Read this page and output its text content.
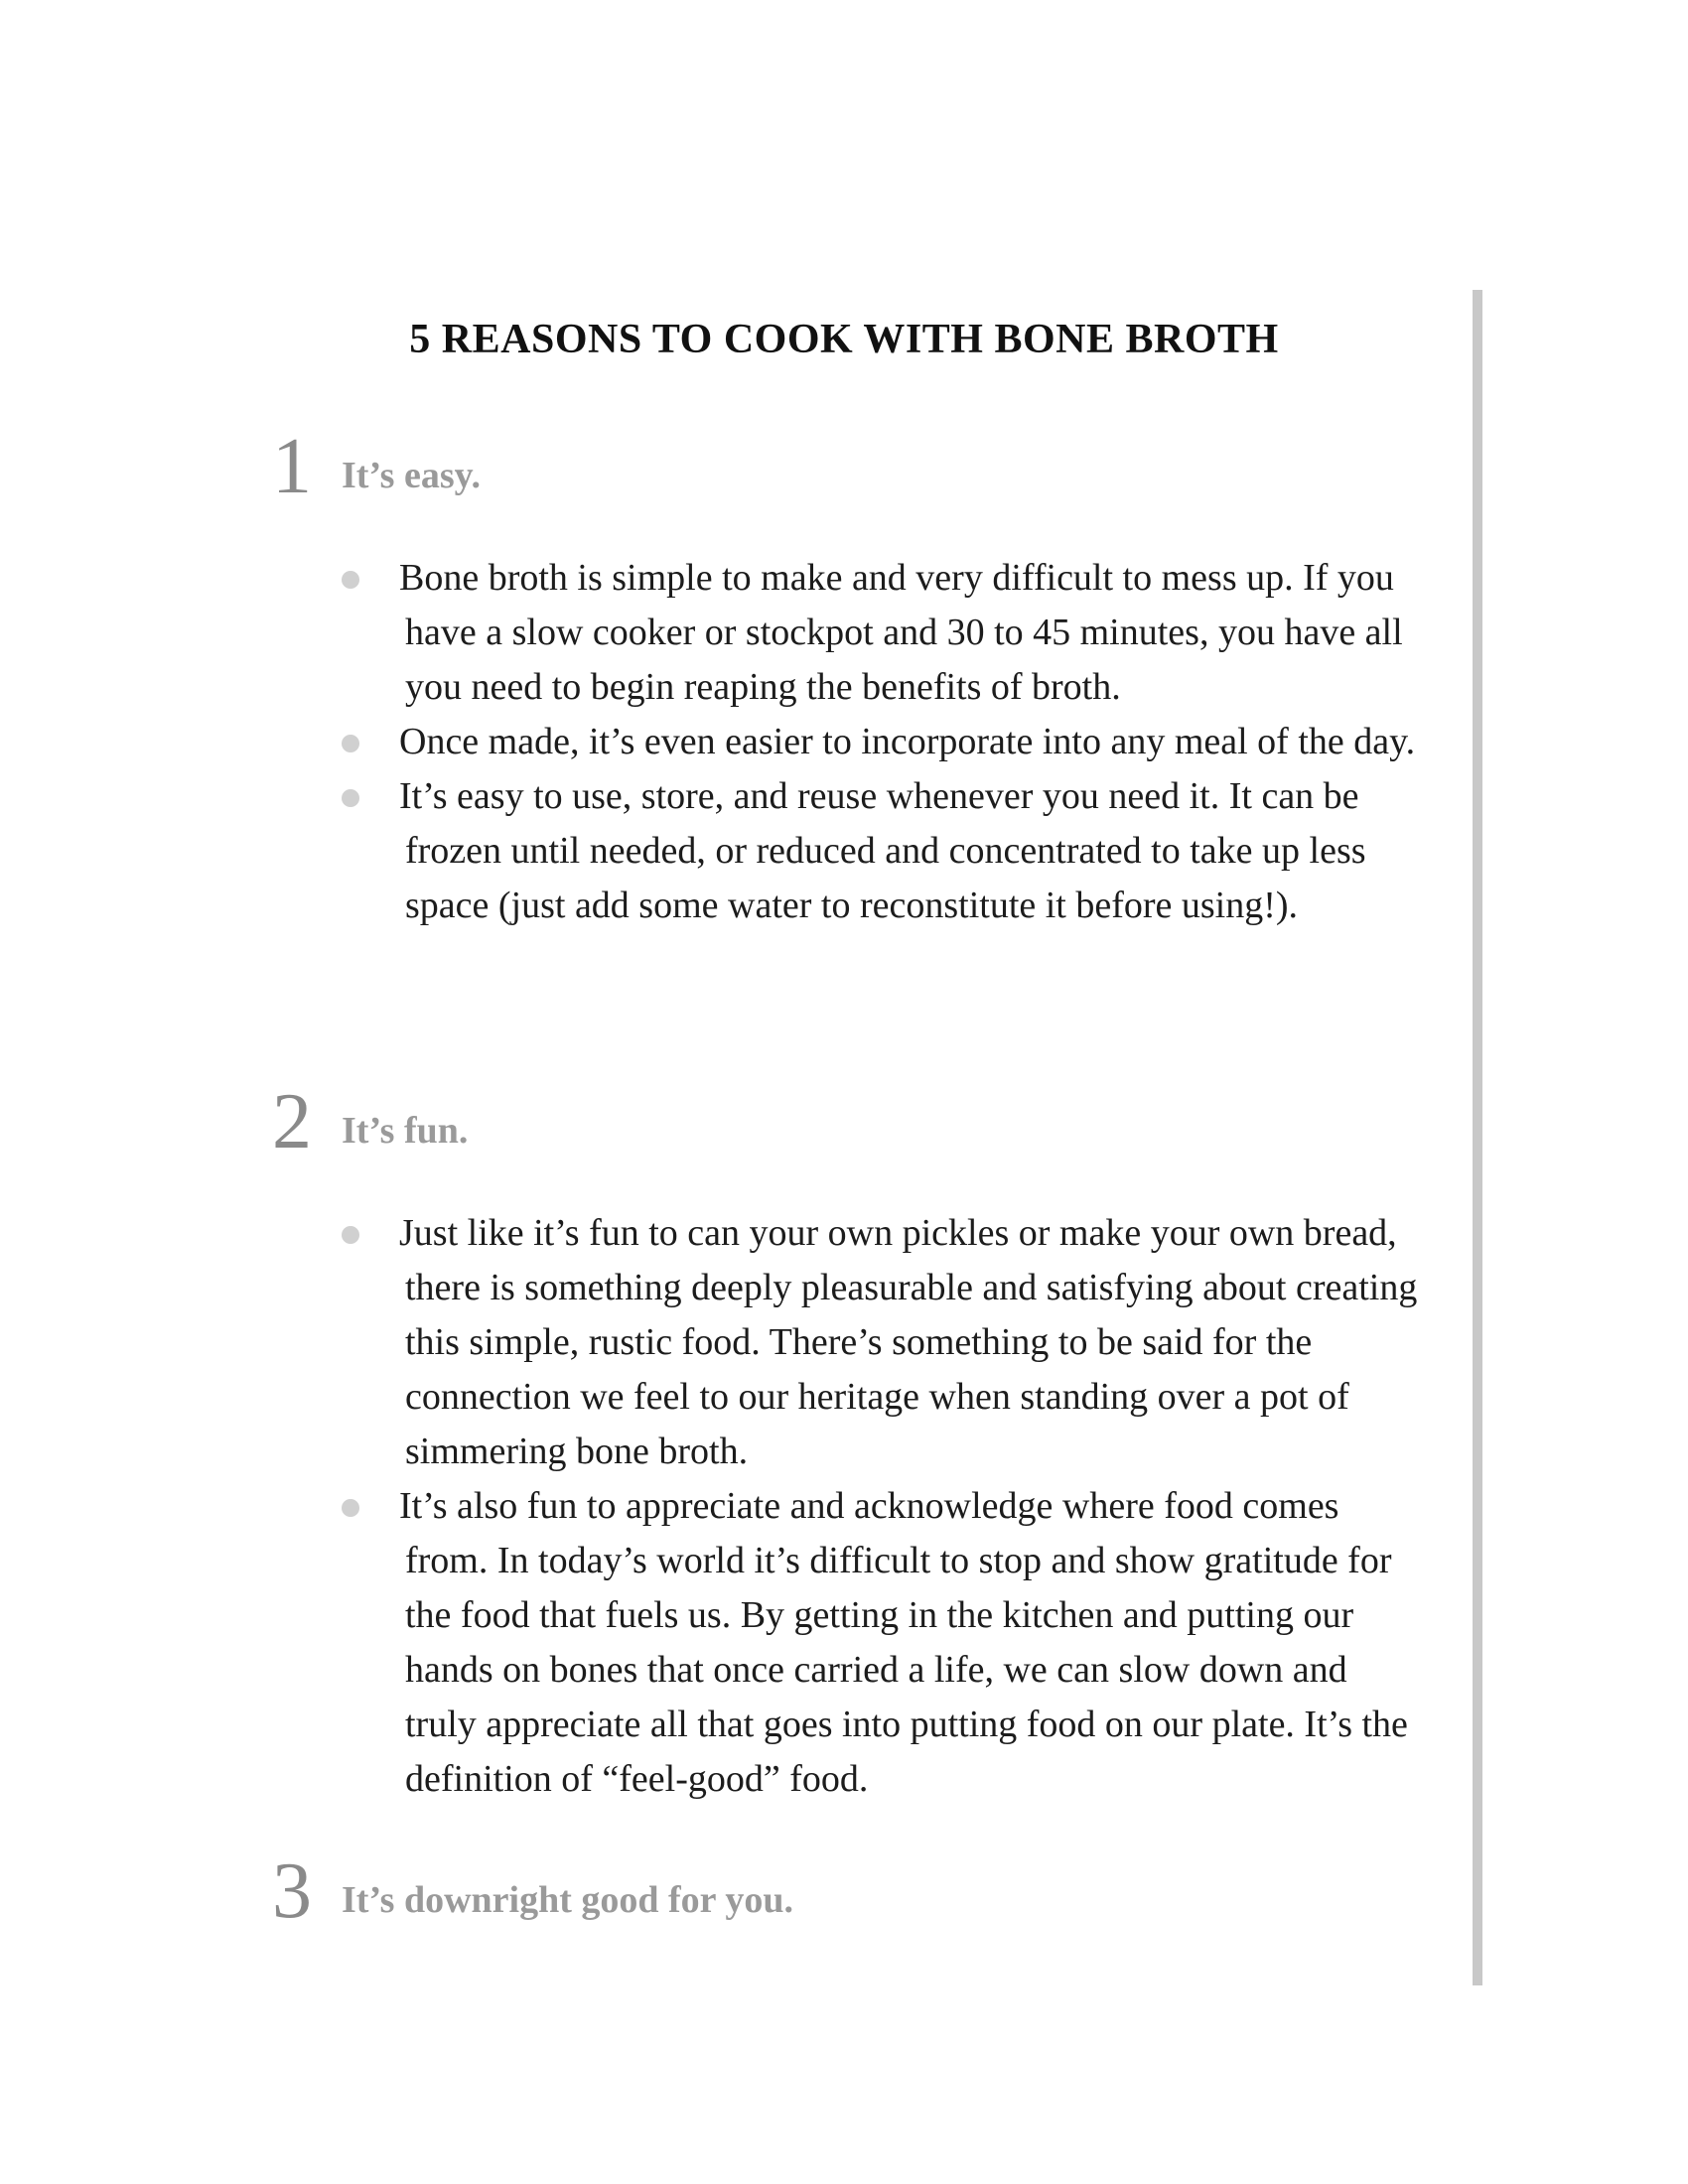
5 REASONS TO COOK WITH BONE BROTH
1 It’s easy.
Bone broth is simple to make and very difficult to mess up. If you have a slow cooker or stockpot and 30 to 45 minutes, you have all you need to begin reaping the benefits of broth.
Once made, it’s even easier to incorporate into any meal of the day.
It’s easy to use, store, and reuse whenever you need it. It can be frozen until needed, or reduced and concentrated to take up less space (just add some water to reconstitute it before using!).
2 It’s fun.
Just like it’s fun to can your own pickles or make your own bread, there is something deeply pleasurable and satisfying about creating this simple, rustic food. There’s something to be said for the connection we feel to our heritage when standing over a pot of simmering bone broth.
It’s also fun to appreciate and acknowledge where food comes from. In today’s world it’s difficult to stop and show gratitude for the food that fuels us. By getting in the kitchen and putting our hands on bones that once carried a life, we can slow down and truly appreciate all that goes into putting food on our plate. It’s the definition of “feel-good” food.
3 It’s downright good for you.
